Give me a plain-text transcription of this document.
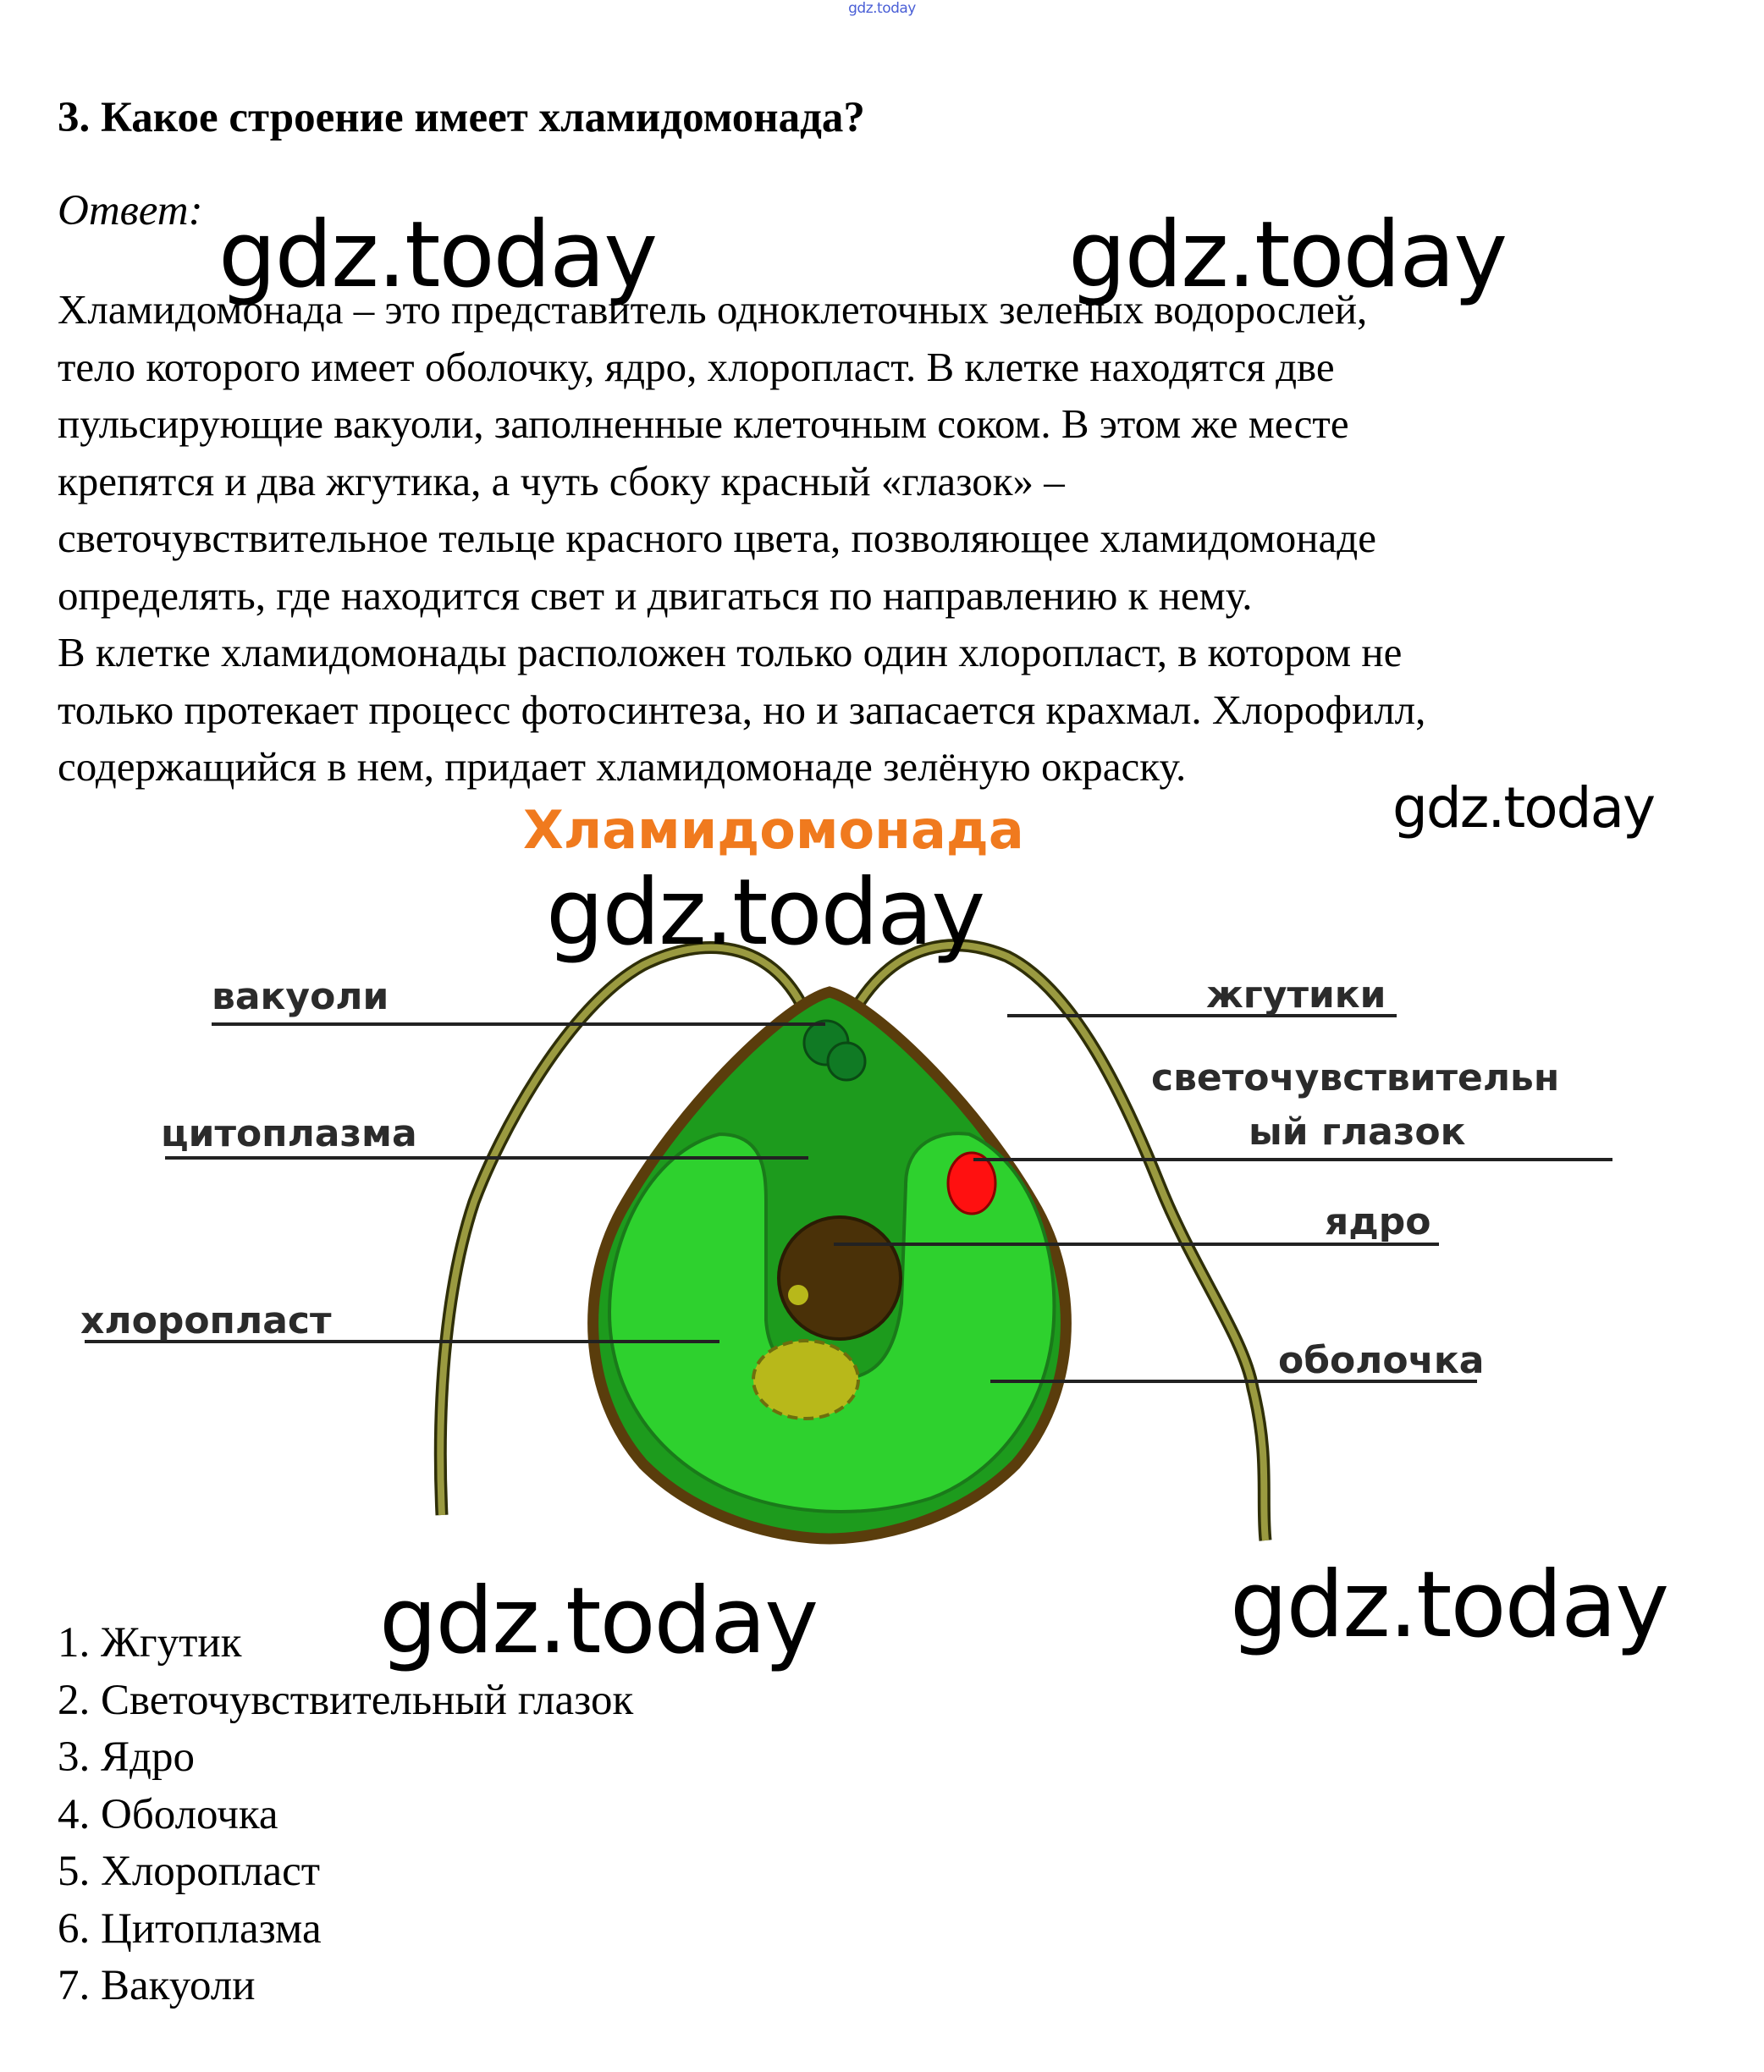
gdz.today
3. Какое строение имеет хламидомонада?
Ответ:

Хламидомонада – это представитель одноклеточных зеленых водорослей,
тело которого имеет оболочку, ядро, хлоропласт. В клетке находятся две
пульсирующие вакуоли, заполненные клеточным соком. В этом же месте
крепятся и два жгутика, а чуть сбоку красный «глазок» –
светочувствительное тельце красного цвета, позволяющее хламидомонаде
определять, где находится свет и двигаться по направлению к нему.

В клетке хламидомонады расположен только один хлоропласт, в котором не
только протекает процесс фотосинтеза, но и запасается крахмал. Хлорофилл,
содержащийся в нем, придает хламидомонаде зелёную окраску.

Хламидомонада
вакуоли	жгутики
светочувствительн
ый глазок
цитоплазма
ядро
хлоропласт
оболочка
1. Жгутик
2. Светочувствительный глазок
3. Ядро
4. Оболочка
5. Хлоропласт
6. Цитоплазма
7. Вакуоли
gdz.today	gdz.today
gdz.today
gdz.today
gdz.today	gdz.today
